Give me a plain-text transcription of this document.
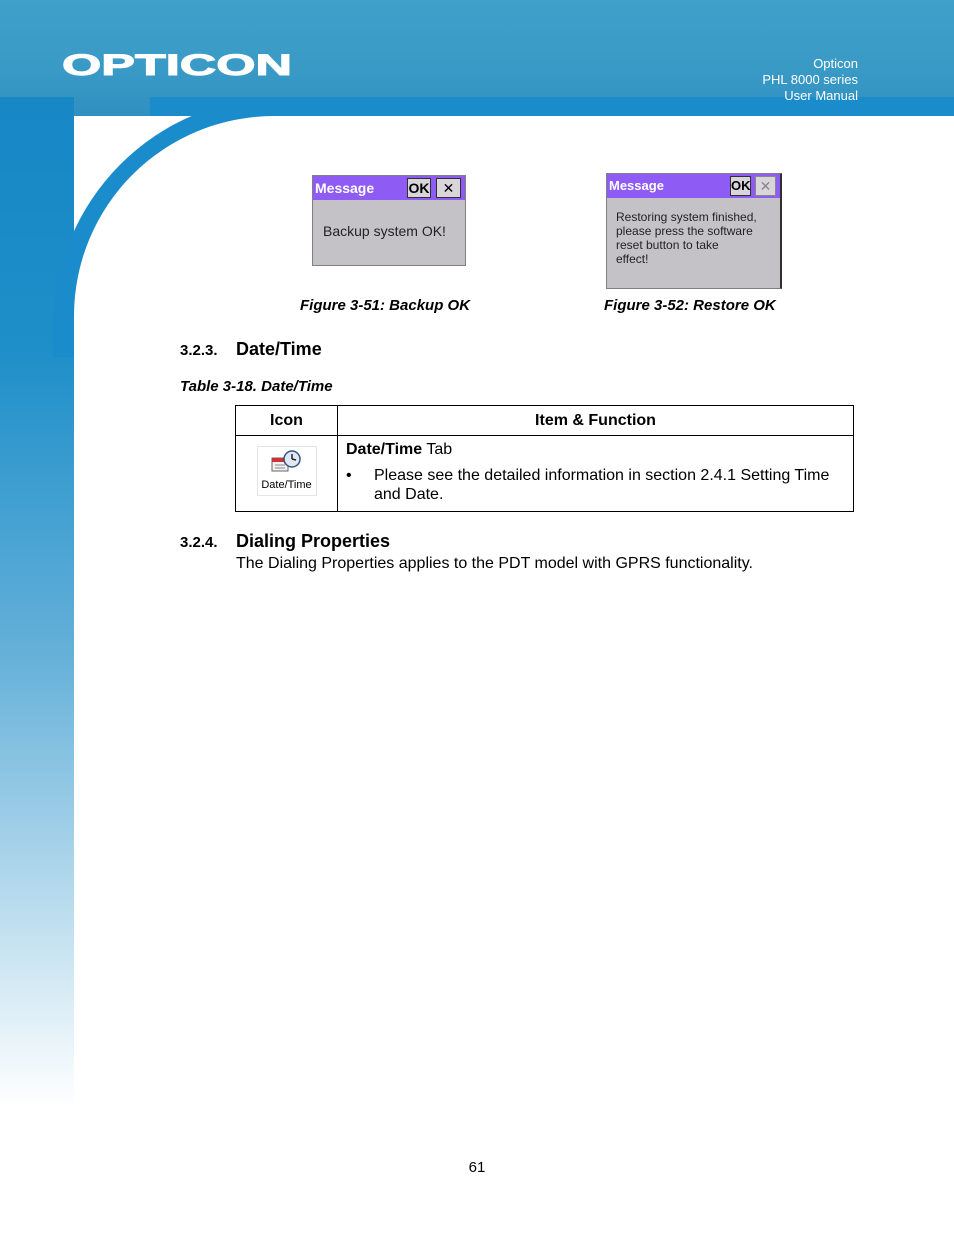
OPTICON	Opticon
PHL 8000 series
User Manual
Message OK ✕
Backup system OK!
Figure 3-51: Backup OK
Message	OK ✕
Restoring system finished,
please press the software
reset button to take
effect!
Figure 3-52: Restore OK
3.2.3. Date/Time
Table 3-18. Date/Time
Icon	Item & Function

Date/Time	Date/Time Tab
• Please see the detailed information in section 2.4.1 Setting Time and Date.
3.2.4. Dialing Properties
The Dialing Properties applies to the PDT model with GPRS functionality.
61
